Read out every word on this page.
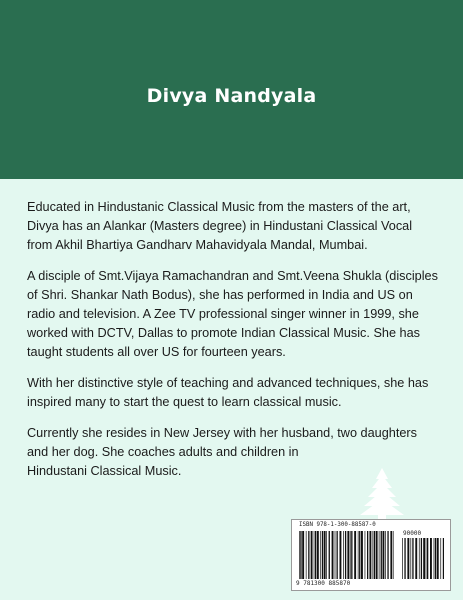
Divya Nandyala

Educated in Hindustanic Classical Music from the masters of the art,
Divya has an Alankar (Masters degree) in Hindustani Classical Vocal
from Akhil Bhartiya Gandharv Mahavidyala Mandal, Mumbai.

A disciple of Smt.Vijaya Ramachandran and Smt.Veena Shukla (disciples
of Shri. Shankar Nath Bodus), she has performed in India and US on
radio and television. A Zee TV professional singer winner in 1999, she
worked with DCTV, Dallas to promote Indian Classical Music. She has
taught students all over US for fourteen years.

With her distinctive style of teaching and advanced techniques, she has
inspired many to start the quest to learn classical music.

Currently she resides in New Jersey with her husband, two daughters
and her dog. She coaches adults and children in
Hindustani Classical Music.

ISBN 978-1-300-88587-0
90000
9 781300 885870
